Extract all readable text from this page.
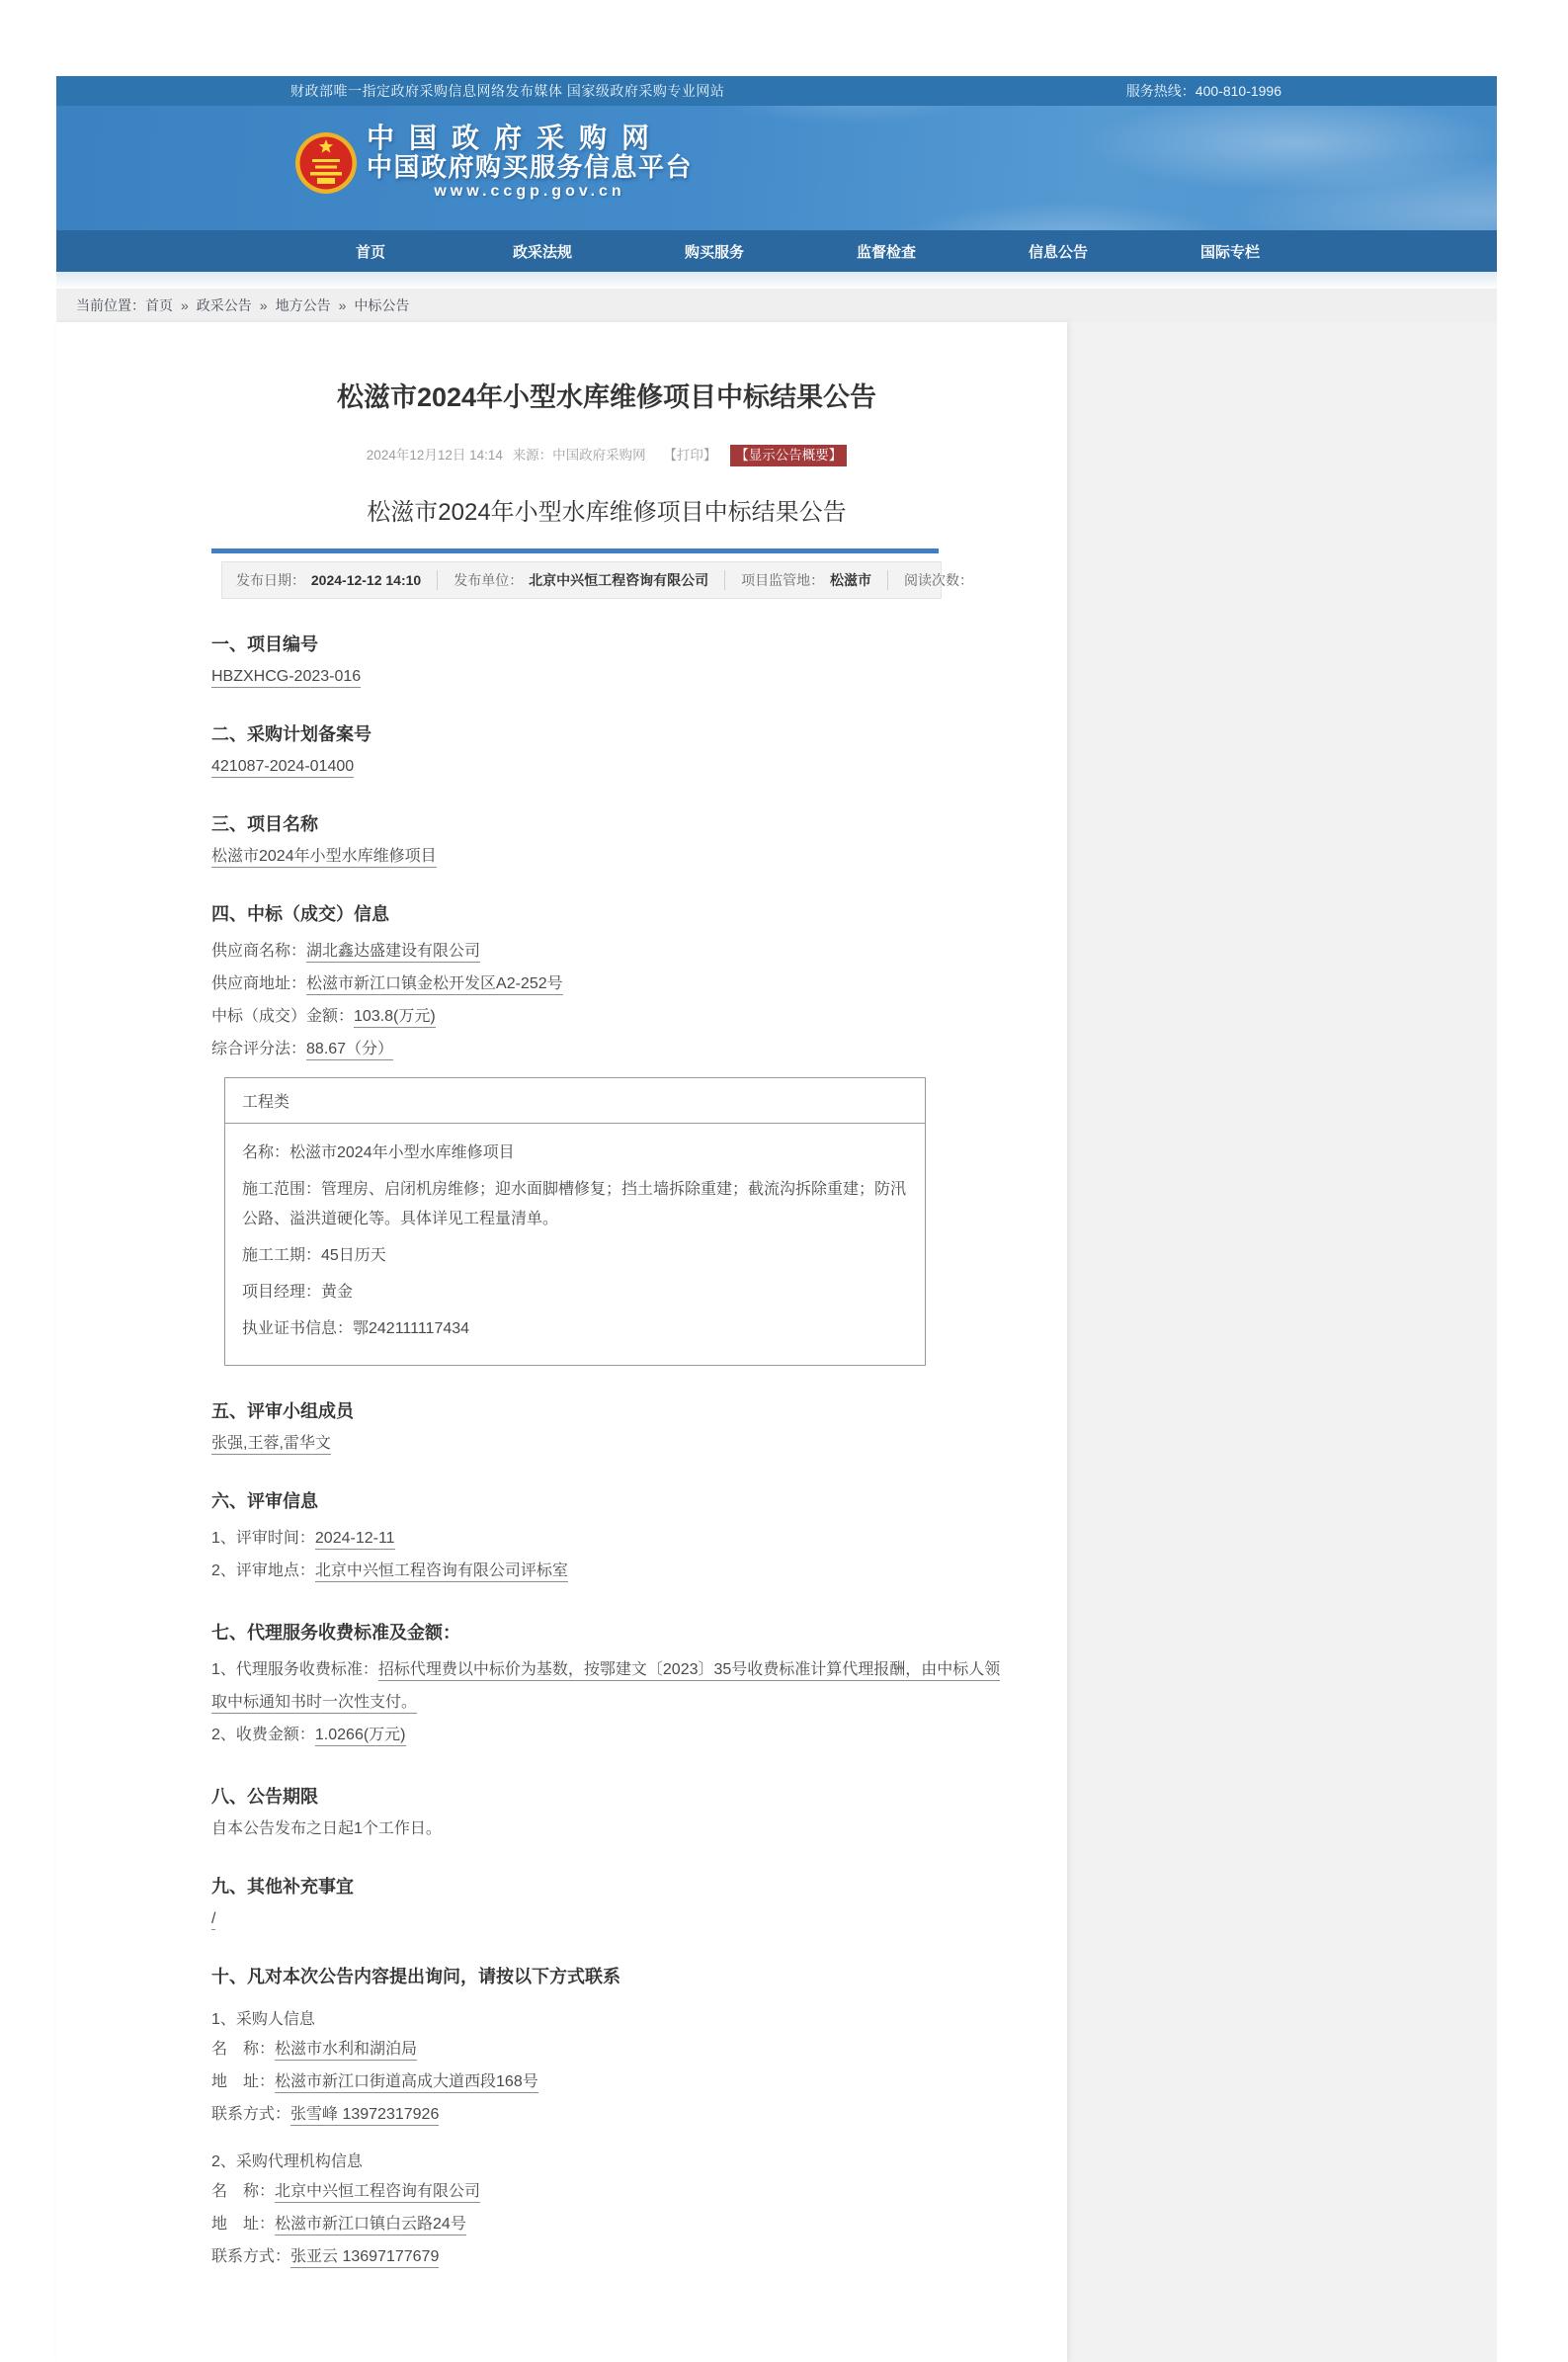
财政部唯一指定政府采购信息网络发布媒体 国家级政府采购专业网站	服务热线：400-810-1996
中国政府采购网
中国政府购买服务信息平台
www.ccgp.gov.cn
首页	政采法规	购买服务	监督检查	信息公告	国际专栏
当前位置： 首页 » 政采公告 » 地方公告 » 中标公告
松滋市2024年小型水库维修项目中标结果公告
2024年12月12日 14:14 来源：中国政府采购网 【打印】 【显示公告概要】
松滋市2024年小型水库维修项目中标结果公告
发布日期： 2024-12-12 14:10	发布单位： 北京中兴恒工程咨询有限公司	项目监管地： 松滋市	阅读次数：
一、项目编号

HBZXHCG-2023-016

二、采购计划备案号

421087-2024-01400

三、项目名称

松滋市2024年小型水库维修项目

四、中标（成交）信息

供应商名称：湖北鑫达盛建设有限公司

供应商地址：松滋市新江口镇金松开发区A2-252号

中标（成交）金额：103.8(万元)

综合评分法：88.67（分）

工程类

名称：松滋市2024年小型水库维修项目

施工范围：管理房、启闭机房维修；迎水面脚槽修复；挡土墙拆除重建；截流沟拆除重建；防汛公路、溢洪道硬化等。具体详见工程量清单。

施工工期：45日历天

项目经理：黄金

执业证书信息：鄂242111117434

五、评审小组成员

张强,王蓉,雷华文

六、评审信息

1、评审时间：2024-12-11

2、评审地点：北京中兴恒工程咨询有限公司评标室

七、代理服务收费标准及金额：

1、代理服务收费标准：招标代理费以中标价为基数，按鄂建文〔2023〕35号收费标准计算代理报酬，由中标人领取中标通知书时一次性支付。

2、收费金额：1.0266(万元)

八、公告期限

自本公告发布之日起1个工作日。

九、其他补充事宜

/

十、凡对本次公告内容提出询问，请按以下方式联系

1、采购人信息

名　称：松滋市水利和湖泊局

地　址：松滋市新江口街道高成大道西段168号

联系方式：张雪峰 13972317926

2、采购代理机构信息

名　称：北京中兴恒工程咨询有限公司

地　址：松滋市新江口镇白云路24号

联系方式：张亚云 13697177679
